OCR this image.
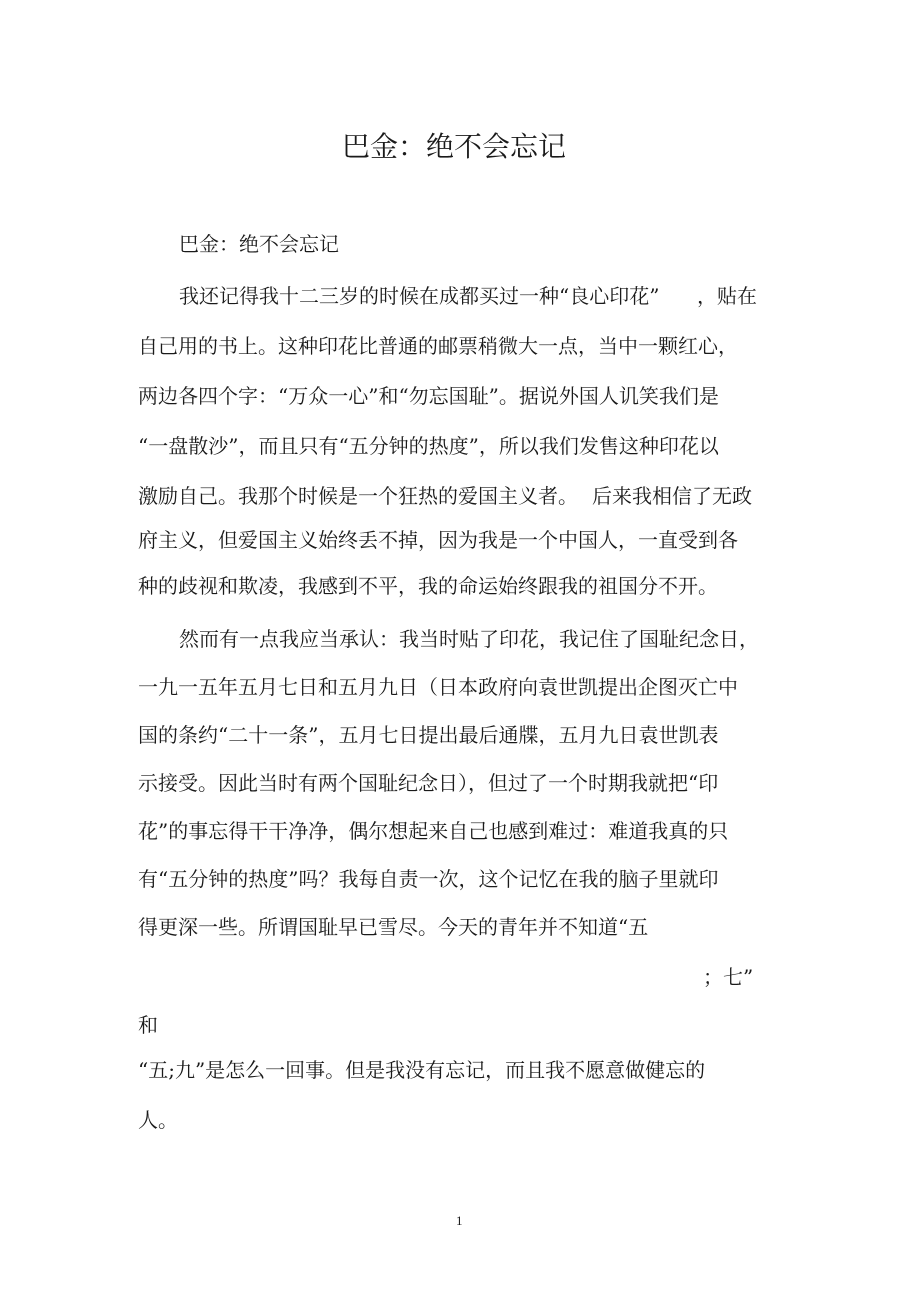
巴金：绝不会忘记
巴金：绝不会忘记
我还记得我十二三岁的时候在成都买过一种“良心印花” ，贴在
自己用的书上。这种印花比普通的邮票稍微大一点，当中一颗红心，
两边各四个字：“万众一心”和“勿忘国耻”。据说外国人讥笑我们是
“一盘散沙”，而且只有“五分钟的热度”，所以我们发售这种印花以
激励自己。我那个时候是一个狂热的爱国主义者。 后来我相信了无政
府主义，但爱国主义始终丢不掉，因为我是一个中国人，一直受到各
种的歧视和欺凌，我感到不平，我的命运始终跟我的祖国分不开。
然而有一点我应当承认：我当时贴了印花，我记住了国耻纪念日，
一九一五年五月七日和五月九日（日本政府向袁世凯提出企图灭亡中
国的条约“二十一条”，五月七日提出最后通牒，五月九日袁世凯表
示接受。因此当时有两个国耻纪念日），但过了一个时期我就把“印
花”的事忘得干干净净，偶尔想起来自己也感到难过：难道我真的只
有“五分钟的热度”吗？我每自责一次，这个记忆在我的脑子里就印
得更深一些。所谓国耻早已雪尽。今天的青年并不知道“五
；七”
和
“五;九”是怎么一回事。但是我没有忘记，而且我不愿意做健忘的
人。
1
